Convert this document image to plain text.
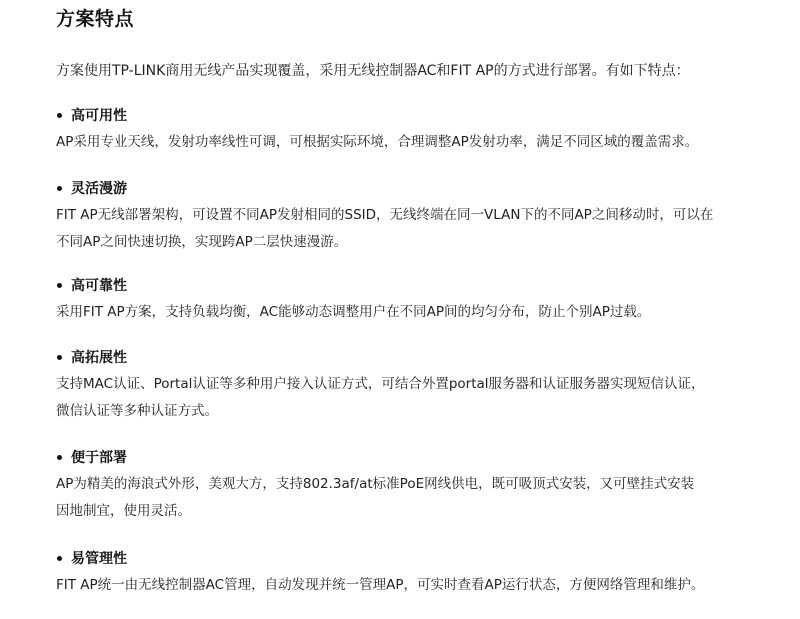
方案特点
方案使用TP-LINK商用无线产品实现覆盖，采用无线控制器AC和FIT AP的方式进行部署。有如下特点：
高可用性
AP采用专业天线，发射功率线性可调，可根据实际环境，合理调整AP发射功率，满足不同区域的覆盖需求。
灵活漫游
FIT AP无线部署架构，可设置不同AP发射相同的SSID，无线终端在同一VLAN下的不同AP之间移动时，可以在
不同AP之间快速切换，实现跨AP二层快速漫游。
高可靠性
采用FIT AP方案，支持负载均衡，AC能够动态调整用户在不同AP间的均匀分布，防止个别AP过载。
高拓展性
支持MAC认证、Portal认证等多种用户接入认证方式，可结合外置portal服务器和认证服务器实现短信认证，
微信认证等多种认证方式。
便于部署
AP为精美的海浪式外形，美观大方，支持802.3af/at标准PoE网线供电，既可吸顶式安装，又可壁挂式安装
因地制宜，使用灵活。
易管理性
FIT AP统一由无线控制器AC管理，自动发现并统一管理AP，可实时查看AP运行状态，方便网络管理和维护。
